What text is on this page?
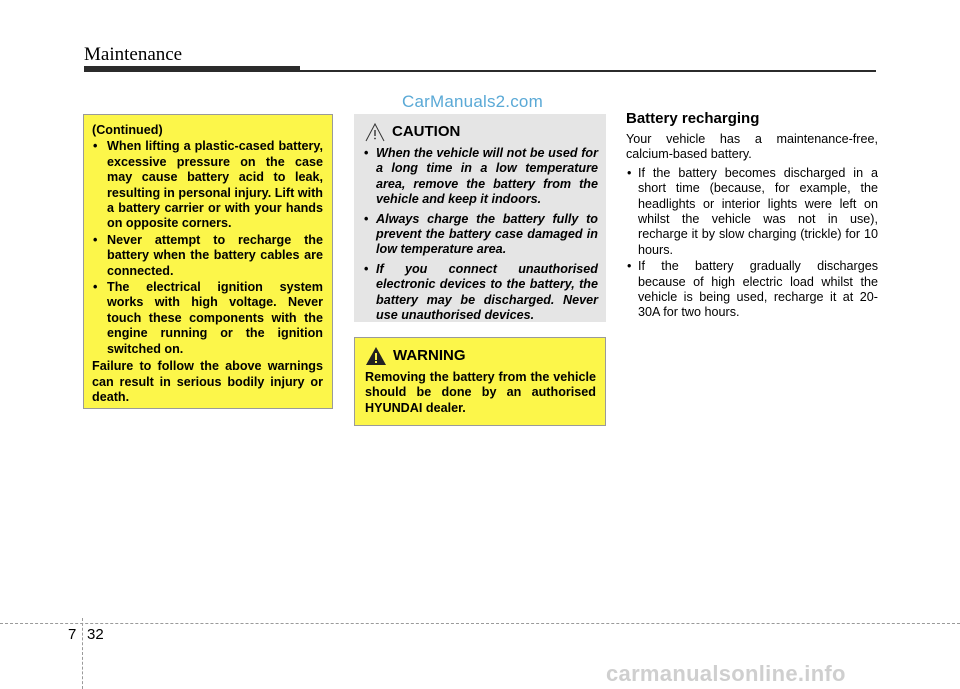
Maintenance
CarManuals2.com
(Continued)
• When lifting a plastic-cased battery, excessive pressure on the case may cause battery acid to leak, resulting in personal injury. Lift with a battery carrier or with your hands on opposite corners.
• Never attempt to recharge the battery when the battery cables are connected.
• The electrical ignition system works with high voltage. Never touch these components with the engine running or the ignition switched on.
Failure to follow the above warnings can result in serious bodily injury or death.
CAUTION
• When the vehicle will not be used for a long time in a low temperature area, remove the battery from the vehicle and keep it indoors.
• Always charge the battery fully to prevent the battery case damaged in low temperature area.
• If you connect unauthorised electronic devices to the battery, the battery may be discharged. Never use unauthorised devices.
WARNING
Removing the battery from the vehicle should be done by an authorised HYUNDAI dealer.
Battery recharging
Your vehicle has a maintenance-free, calcium-based battery.
• If the battery becomes discharged in a short time (because, for example, the headlights or interior lights were left on whilst the vehicle was not in use), recharge it by slow charging (trickle) for 10 hours.
• If the battery gradually discharges because of high electric load whilst the vehicle is being used, recharge it at 20-30A for two hours.
7 32
carmanualsonline.info
